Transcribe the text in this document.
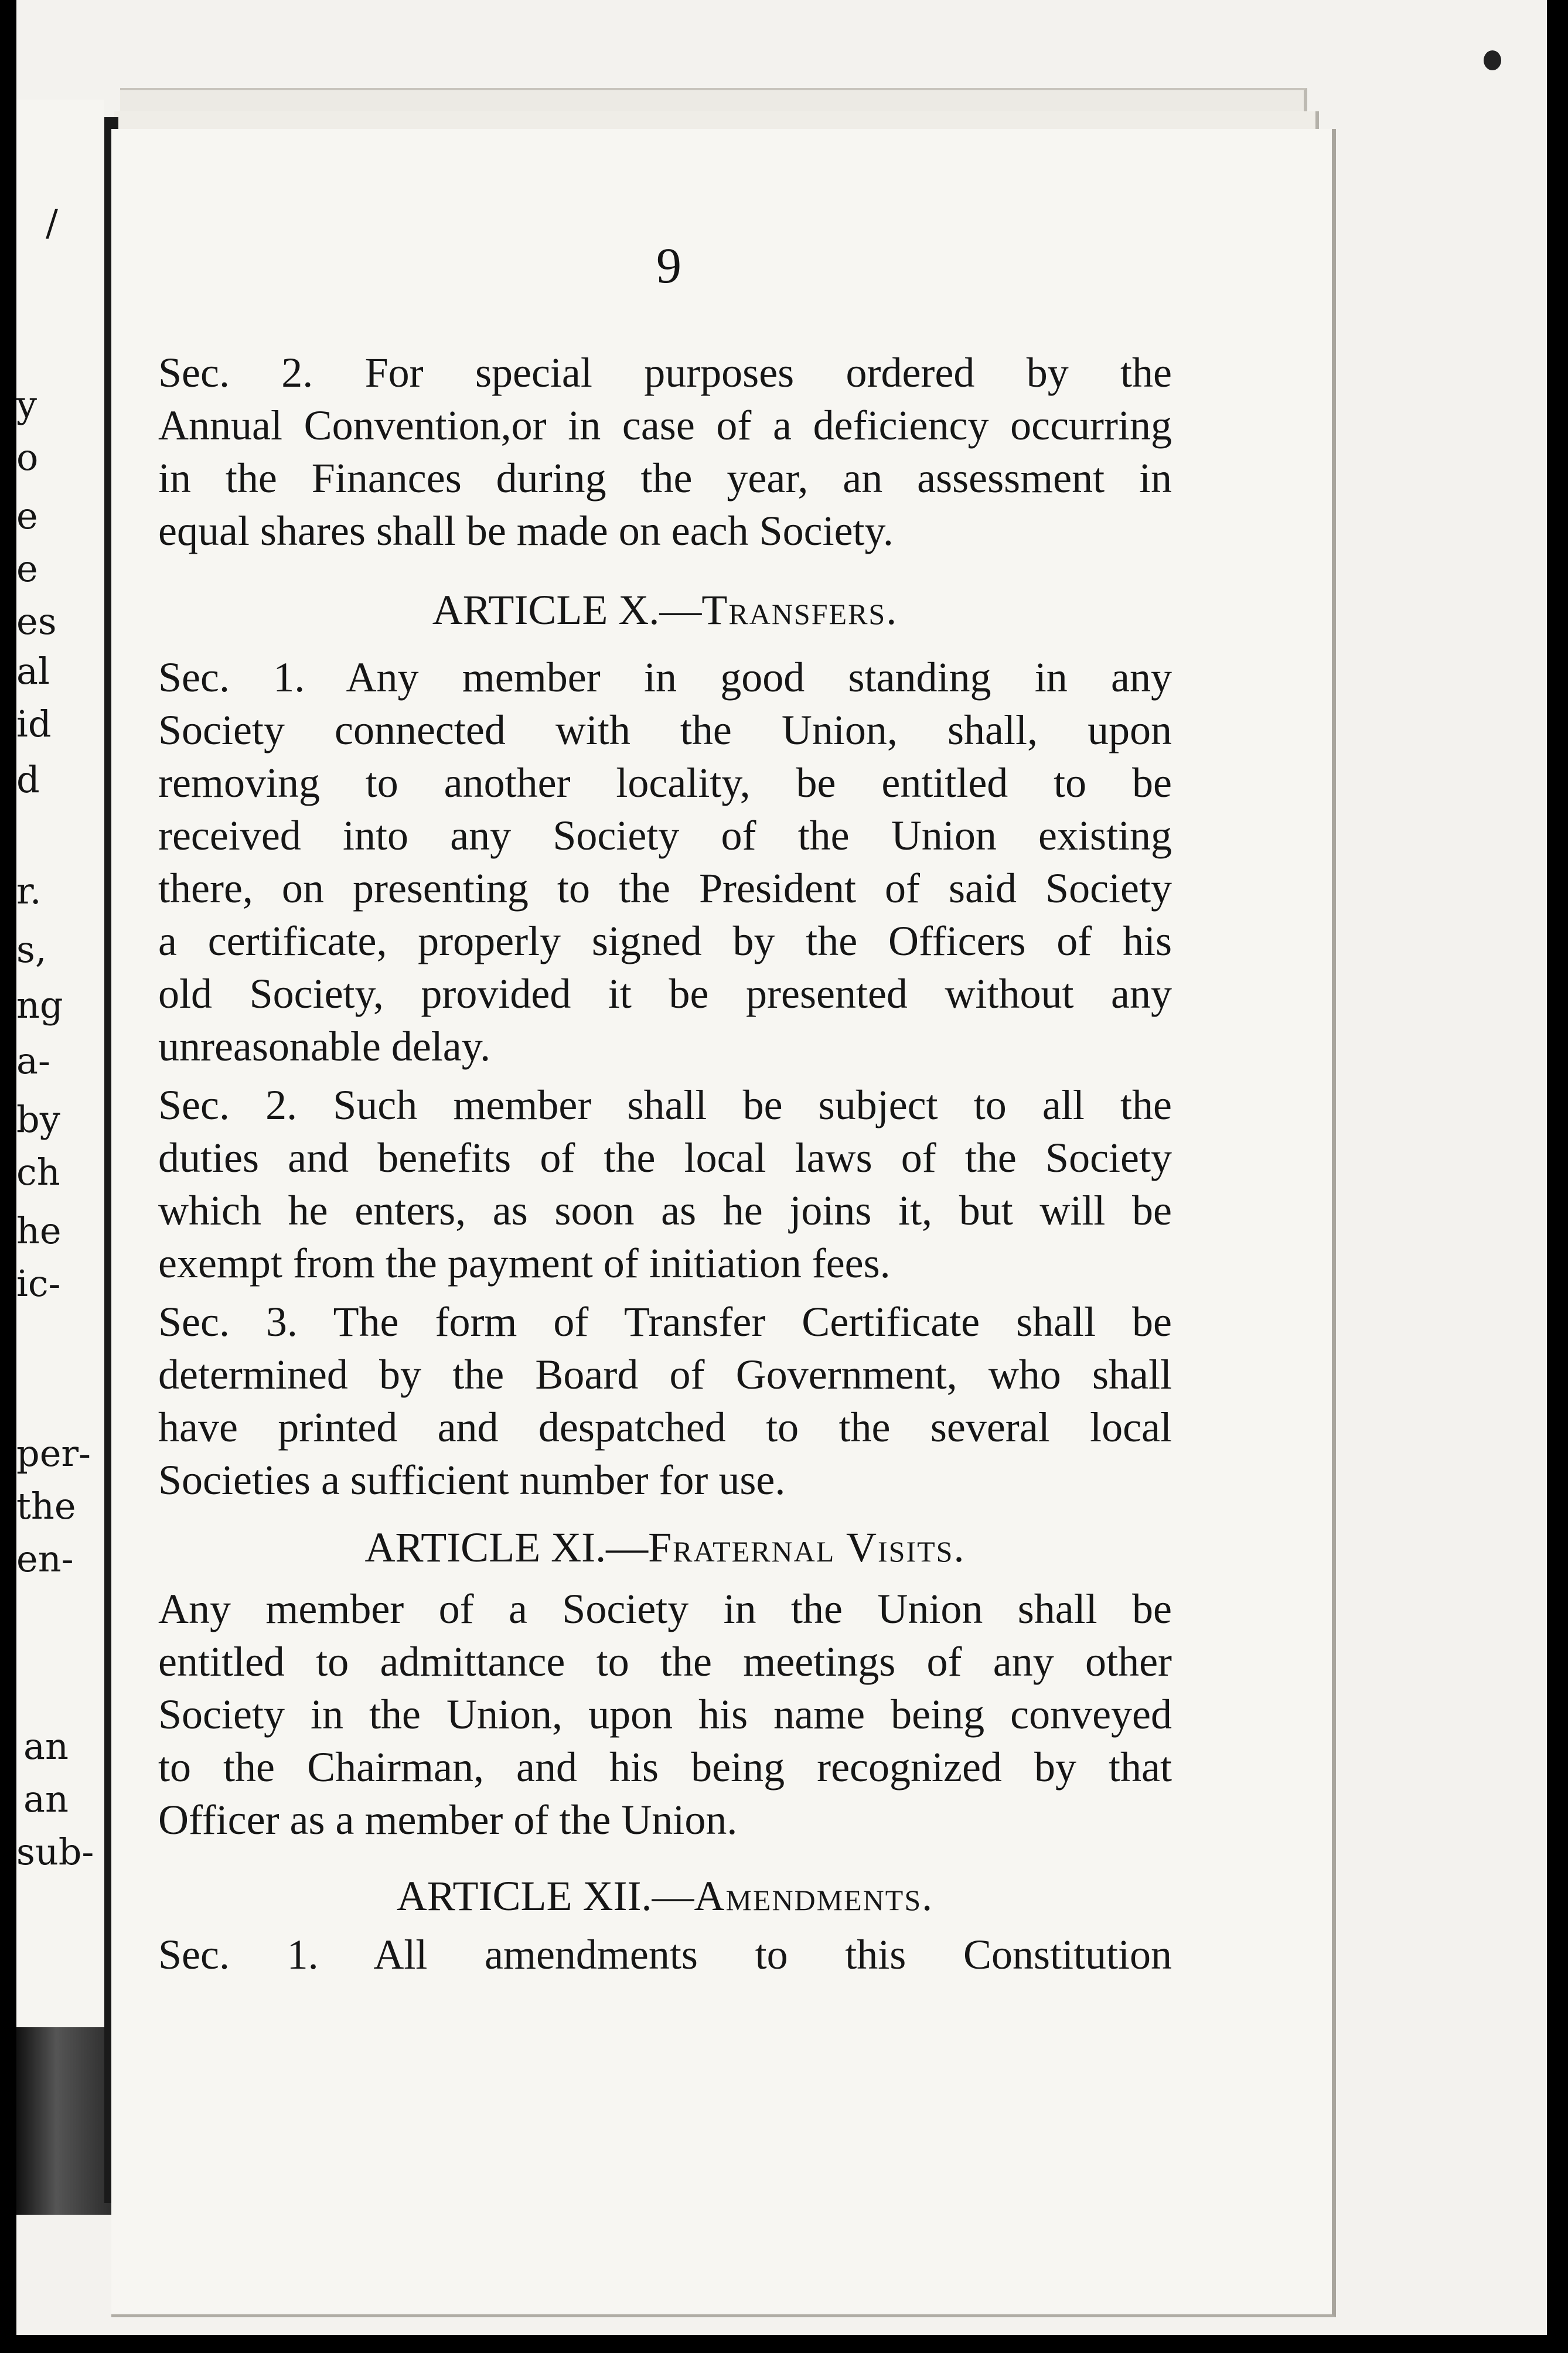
/
y
o
e
e
es
al
id
d
r.
s,
ng
a-
by
ch
he
ic-
per-
the
en-
an
an
sub-
9
Sec. 2. For special purposes ordered by the
Annual Convention,or in case of a deficiency occurring
in the Finances during the year, an assessment in
equal shares shall be made on each Society.
ARTICLE X.—Transfers.
Sec. 1. Any member in good standing in any
Society connected with the Union, shall, upon
removing to another locality, be entitled to be
received into any Society of the Union existing
there, on presenting to the President of said Society
a certificate, properly signed by the Officers of his
old Society, provided it be presented without any
unreasonable delay.
Sec. 2. Such member shall be subject to all the
duties and benefits of the local laws of the Society
which he enters, as soon as he joins it, but will be
exempt from the payment of initiation fees.
Sec. 3. The form of Transfer Certificate shall be
determined by the Board of Government, who shall
have printed and despatched to the several local
Societies a sufficient number for use.
ARTICLE XI.—Fraternal Visits.
Any member of a Society in the Union shall be
entitled to admittance to the meetings of any other
Society in the Union, upon his name being conveyed
to the Chairman, and his being recognized by that
Officer as a member of the Union.
ARTICLE XII.—Amendments.
Sec. 1. All amendments to this Constitution
